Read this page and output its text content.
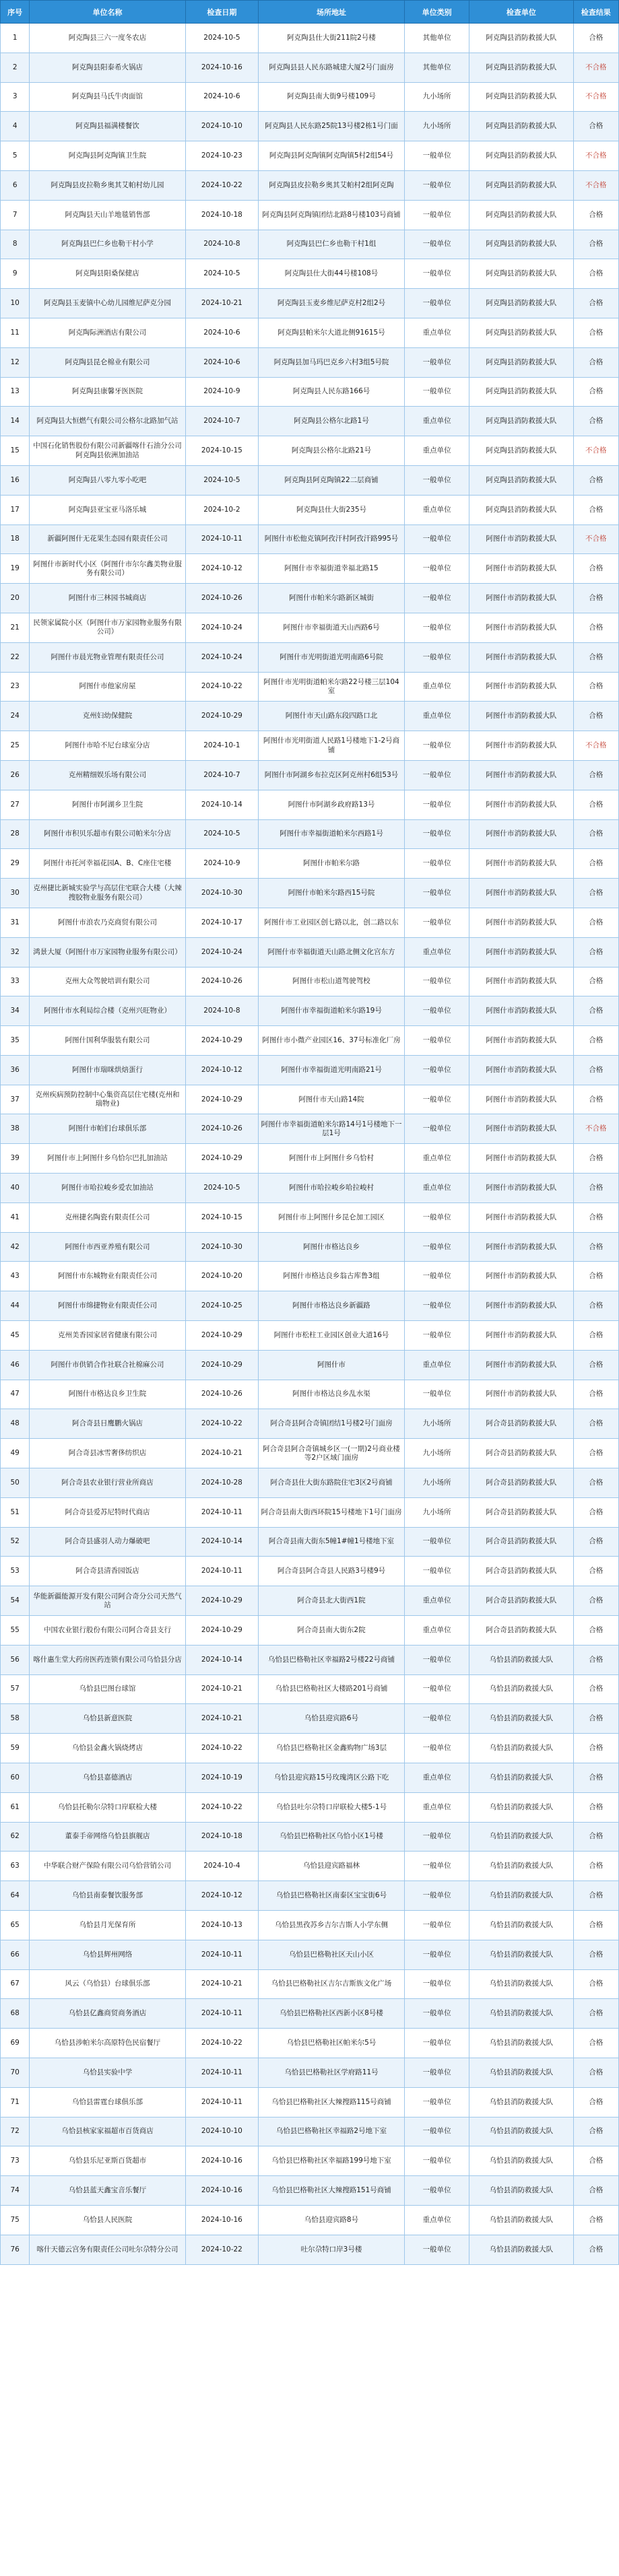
序号	单位名称	检查日期	场所地址	单位类别	检查单位	检查结果
1	阿克陶县三六一度冬农店	2024-10-5	阿克陶县仕大街211院2号楼	其他单位	阿克陶县消防救援大队	合格
2	阿克陶县阳泰希火锅店	2024-10-16	阿克陶县县人民东路城建大厦2号门面房	其他单位	阿克陶县消防救援大队	不合格
3	阿克陶县马氏牛肉面馆	2024-10-6	阿克陶县南大街9号楼109号	九小场所	阿克陶县消防救援大队	不合格
4	阿克陶县福满楼餐饮	2024-10-10	阿克陶县人民东路25院13号楼2栋1号门面	九小场所	阿克陶县消防救援大队	合格
5	阿克陶县阿克陶镇卫生院	2024-10-23	阿克陶县阿克陶镇阿克陶镇5村2组54号	一般单位	阿克陶县消防救援大队	不合格
6	阿克陶县皮拉勒乡奥其艾帕村幼儿园	2024-10-22	阿克陶县皮拉勒乡奥其艾帕村2组阿克陶	一般单位	阿克陶县消防救援大队	不合格
7	阿克陶县天山羊地毯销售部	2024-10-18	阿克陶县阿克陶镇团结北路8号楼103号商铺	一般单位	阿克陶县消防救援大队	合格
8	阿克陶县巴仁乡也勒干村小学	2024-10-8	阿克陶县巴仁乡也勒干村1组	一般单位	阿克陶县消防救援大队	合格
9	阿克陶县阳桑保健店	2024-10-5	阿克陶县仕大街44号楼108号	一般单位	阿克陶县消防救援大队	合格
10	阿克陶县玉麦镇中心幼儿园维尼萨克分园	2024-10-21	阿克陶县玉麦乡维尼萨克村2组2号	一般单位	阿克陶县消防救援大队	合格
11	阿克陶际洲酒店有限公司	2024-10-6	阿克陶县帕米尔大道北侧91615号	重点单位	阿克陶县消防救援大队	合格
12	阿克陶县昆仑棉业有限公司	2024-10-6	阿克陶县加马玛巴克乡六村3组5号院	一般单位	阿克陶县消防救援大队	合格
13	阿克陶县康馨牙医医院	2024-10-9	阿克陶县人民东路166号	一般单位	阿克陶县消防救援大队	合格
14	阿克陶县大恒燃气有限公司公格尔北路加气站	2024-10-7	阿克陶县公格尔北路1号	重点单位	阿克陶县消防救援大队	合格
15	中国石化销售股份有限公司新疆喀什石油分公司阿克陶县依洲加油站	2024-10-15	阿克陶县公格尔北路21号	重点单位	阿克陶县消防救援大队	不合格
16	阿克陶县八零九零小吃吧	2024-10-5	阿克陶县阿克陶镇22二层商铺	一般单位	阿克陶县消防救援大队	合格
17	阿克陶县亚宝亚马洛乐城	2024-10-2	阿克陶县仕大街235号	重点单位	阿克陶县消防救援大队	合格
18	新疆阿图什无花果生态园有限责任公司	2024-10-11	阿图什市松他克镇阿孜汗村阿孜汗路995号	一般单位	阿图什市消防救援大队	不合格
19	阿图什市新时代小区（阿图什市尔尔鑫美物业服务有限公司）	2024-10-12	阿图什市幸福街道幸福北路15	一般单位	阿图什市消防救援大队	合格
20	阿图什市三林园书城商店	2024-10-26	阿图什市帕米尔路新区城街	一般单位	阿图什市消防救援大队	合格
21	民领家属院小区（阿图什市万家园物业服务有限公司）	2024-10-24	阿图什市幸福街道天山西路6号	一般单位	阿图什市消防救援大队	合格
22	阿图什市晨光物业管理有限责任公司	2024-10-24	阿图什市光明街道光明南路6号院	一般单位	阿图什市消防救援大队	合格
23	阿图什市他家房屋	2024-10-22	阿图什市光明街道帕米尔路22号楼三层104室	重点单位	阿图什市消防救援大队	合格
24	克州妇幼保健院	2024-10-29	阿图什市天山路东段四路口北	重点单位	阿图什市消防救援大队	合格
25	阿图什市哈不尼台球室分店	2024-10-1	阿图什市光明街道人民路1号楼地下1-2号商铺	一般单位	阿图什市消防救援大队	不合格
26	克州精细娱乐场有限公司	2024-10-7	阿图什市阿湖乡布拉克区阿克州村6组53号	一般单位	阿图什市消防救援大队	合格
27	阿图什市阿湖乡卫生院	2024-10-14	阿图什市阿湖乡政府路13号	一般单位	阿图什市消防救援大队	合格
28	阿图什市积贝乐超市有限公司帕米尔分店	2024-10-5	阿图什市幸福街道帕米尔西路1号	一般单位	阿图什市消防救援大队	合格
29	阿图什市托河幸福花园A、B、C座住宅楼	2024-10-9	阿图什市帕米尔路	一般单位	阿图什市消防救援大队	合格
30	克州捷比新城实验学与高层住宅联合大楼（大辣搜胶物业服务有限公司）	2024-10-30	阿图什市帕米尔路西15号院	一般单位	阿图什市消防救援大队	合格
31	阿图什市浪农乃克商贸有限公司	2024-10-17	阿图什市工业园区创七路以北，创二路以东	一般单位	阿图什市消防救援大队	合格
32	鸿景大厦（阿图什市万家园物业服务有限公司）	2024-10-24	阿图什市幸福街道天山路北侧文化宫东方	重点单位	阿图什市消防救援大队	合格
33	克州大众驾驶培训有限公司	2024-10-26	阿图什市松山道驾驶驾校	一般单位	阿图什市消防救援大队	合格
34	阿图什市水利局综合楼（克州兴旺物业）	2024-10-8	阿图什市幸福街道帕米尔路19号	一般单位	阿图什市消防救援大队	合格
35	阿图什国利华服装有限公司	2024-10-29	阿图什市小微产业园区16、37号标准化厂房	一般单位	阿图什市消防救援大队	合格
36	阿图什市瑞咪烘焙蛋行	2024-10-12	阿图什市幸福街道光明南路21号	一般单位	阿图什市消防救援大队	合格
37	克州疾病预防控制中心集资高层住宅楼(克州和瑞物业)	2024-10-29	阿图什市天山路14院	一般单位	阿图什市消防救援大队	合格
38	阿图什市帕们台球俱乐部	2024-10-26	阿图什市幸福街道帕米尔路14号1号楼地下一层1号	一般单位	阿图什市消防救援大队	不合格
39	阿图什市上阿图什乡乌恰尔巴扎加油站	2024-10-29	阿图什市上阿图什乡乌恰村	重点单位	阿图什市消防救援大队	合格
40	阿图什市哈拉峻乡爱农加油站	2024-10-5	阿图什市哈拉峻乡哈拉峻村	重点单位	阿图什市消防救援大队	合格
41	克州捷名陶瓷有限责任公司	2024-10-15	阿图什市上阿图什乡昆仑加工园区	一般单位	阿图什市消防救援大队	合格
42	阿图什市西亚养殖有限公司	2024-10-30	阿图什市格达良乡	一般单位	阿图什市消防救援大队	合格
43	阿图什市东城物业有限责任公司	2024-10-20	阿图什市格达良乡翁古库鲁3组	一般单位	阿图什市消防救援大队	合格
44	阿图什市绵捷物业有限责任公司	2024-10-25	阿图什市格达良乡新疆路	一般单位	阿图什市消防救援大队	合格
45	克州美香园家居省健康有限公司	2024-10-29	阿图什市松柱工业园区创业大道16号	一般单位	阿图什市消防救援大队	合格
46	阿图什市供销合作社联合社棉麻公司	2024-10-29	阿图什市	重点单位	阿图什市消防救援大队	合格
47	阿图什市格达良乡卫生院	2024-10-26	阿图什市格达良乡乱水渠	一般单位	阿图什市消防救援大队	合格
48	阿合奇县日鹰鹏火锅店	2024-10-22	阿合奇县阿合奇镇团结1号楼2号门面房	九小场所	阿合奇县消防救援大队	合格
49	阿合奇县冰雪奢侈纺织店	2024-10-21	阿合奇县阿合奇镇城乡区一(一期)2号商业楼等2户区域门面房	九小场所	阿合奇县消防救援大队	合格
50	阿合奇县农业银行营业所商店	2024-10-28	阿合奇县仕大街东路院住宅3区2号商铺	九小场所	阿合奇县消防救援大队	合格
51	阿合奇县爱苏尼特时代商店	2024-10-11	阿合奇县南大街西环院15号楼地下1号门面房	九小场所	阿合奇县消防救援大队	合格
52	阿合奇县盛羽人动力爆破吧	2024-10-14	阿合奇县南大街东5幢1#幢1号楼地下室	一般单位	阿合奇县消防救援大队	合格
53	阿合奇县清香园饭店	2024-10-11	阿合奇县阿合奇县人民路3号楼9号	一般单位	阿合奇县消防救援大队	合格
54	华能新疆能源开发有限公司阿合奇分公司天然气站	2024-10-29	阿合奇县北大街西1院	重点单位	阿合奇县消防救援大队	合格
55	中国农业银行股份有限公司阿合奇县支行	2024-10-29	阿合奇县南大街东2院	重点单位	阿合奇县消防救援大队	合格
56	喀什惠生堂大药房医药连锁有限公司乌恰县分店	2024-10-14	乌恰县巴格勒社区幸福路2号楼22号商铺	一般单位	乌恰县消防救援大队	合格
57	乌恰县巴图台球馆	2024-10-21	乌恰县巴格勒社区大楼路201号商铺	一般单位	乌恰县消防救援大队	合格
58	乌恰县新意医院	2024-10-21	乌恰县迎宾路6号	一般单位	乌恰县消防救援大队	合格
59	乌恰县金鑫火锅烧烤店	2024-10-22	乌恰县巴格勒社区金鑫购物广场3层	一般单位	乌恰县消防救援大队	合格
60	乌恰县嘉德酒店	2024-10-19	乌恰县迎宾路15号玫瑰湾区公路下吃	重点单位	乌恰县消防救援大队	合格
61	乌恰县托勒尔尕特口岸联检大楼	2024-10-22	乌恰县吐尔尕特口岸联检大楼5-1号	重点单位	乌恰县消防救援大队	合格
62	董泰手帝网络乌恰县旗舰店	2024-10-18	乌恰县巴格勒社区乌恰小区1号楼	一般单位	乌恰县消防救援大队	合格
63	中华联合财产保险有限公司乌恰营销公司	2024-10-4	乌恰县迎宾路福林	一般单位	乌恰县消防救援大队	合格
64	乌恰县南泰餐饮服务部	2024-10-12	乌恰县巴格勒社区南泰区宝宝街6号	一般单位	乌恰县消防救援大队	合格
65	乌恰县月光保育所	2024-10-13	乌恰县黑孜苏乡吉尔吉斯人小学东侧	一般单位	乌恰县消防救援大队	合格
66	乌恰县辉州网络	2024-10-11	乌恰县巴格勒社区天山小区	一般单位	乌恰县消防救援大队	合格
67	风云（乌恰县）台球俱乐部	2024-10-21	乌恰县巴格勒社区吉尔吉斯族文化广场	一般单位	乌恰县消防救援大队	合格
68	乌恰县亿鑫商贸商务酒店	2024-10-11	乌恰县巴格勒社区西新小区8号楼	一般单位	乌恰县消防救援大队	合格
69	乌恰县涉帕米尔高原特色民宿餐厅	2024-10-22	乌恰县巴格勒社区帕米尔5号	一般单位	乌恰县消防救援大队	合格
70	乌恰县实验中学	2024-10-11	乌恰县巴格勒社区学府路11号	一般单位	乌恰县消防救援大队	合格
71	乌恰县雷霆台球俱乐部	2024-10-11	乌恰县巴格勒社区大辣搜路115号商铺	一般单位	乌恰县消防救援大队	合格
72	乌恰县核家家福超市百货商店	2024-10-10	乌恰县巴格勒社区幸福路2号地下室	一般单位	乌恰县消防救援大队	合格
73	乌恰县乐尼亚斯百货超市	2024-10-16	乌恰县巴格勒社区幸福路199号地下室	一般单位	乌恰县消防救援大队	合格
74	乌恰县蓝天鑫宝音乐餐厅	2024-10-16	乌恰县巴格勒社区大辣搜路151号商铺	一般单位	乌恰县消防救援大队	合格
75	乌恰县人民医院	2024-10-16	乌恰县迎宾路8号	重点单位	乌恰县消防救援大队	合格
76	喀什天德云宫务有限责任公司吐尔尕特分公司	2024-10-22	吐尔尕特口岸3号楼	一般单位	乌恰县消防救援大队	合格
